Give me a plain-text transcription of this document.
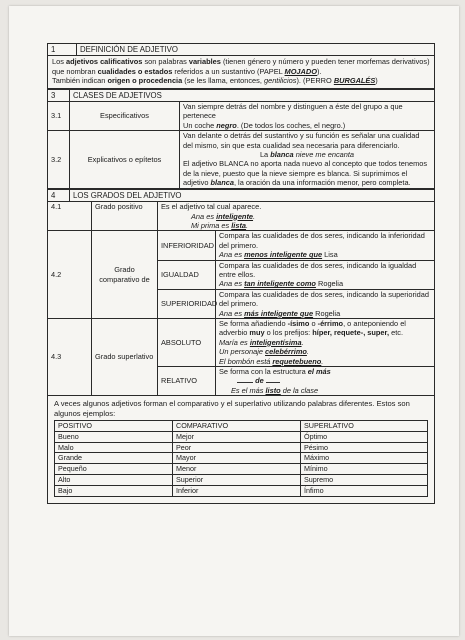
1	DEFINICIÓN DE ADJETIVO

Los adjetivos calificativos son palabras variables (tienen género y número y pueden tener morfemas derivativos) que nombran cualidades o estados referidos a un sustantivo (PAPEL MOJADO).
También indican origen o procedencia (se les llama, entonces, gentilicios). (PERRO BURGALÉS)
3	CLASES DE ADJETIVOS	
3.1	Especificativos	Van siempre detrás del nombre y distinguen a éste del grupo a que pertenece
Un coche negro. (De todos los coches, el negro.)

3.2	Explicativos o epítetos	Van delante o detrás del sustantivo y su función es señalar una cualidad del mismo, sin que esta cualidad sea necesaria para diferenciarlo.
La blanca nieve me encanta
El adjetivo BLANCA no aporta nada nuevo al concepto que todos tenemos de la nieve, puesto que la nieve siempre es blanca. Si suprimimos el adjetivo blanca, la oración da una información menor, pero completa.
4	LOS GRADOS DEL ADJETIVO			
4.1		Grado positivo	Es el adjetivo tal cual aparece.
Ana es inteligente.
Mi prima es lista.	

4.2		Grado comparativo de	INFERIORIDAD	Compara las cualidades de dos seres, indicando la inferioridad del primero.
Ana es menos inteligente que Lisa

			IGUALDAD	Compara las cualidades de dos seres, indicando la igualdad entre ellos.
Ana es tan inteligente como Rogelia

			SUPERIORIDAD	Compara las cualidades de dos seres, indicando la superioridad del primero.
Ana es más inteligente que Rogelia

4.3		Grado superlativo	ABSOLUTO	Se forma añadiendo -ísimo o -érrimo, o anteponiendo el adverbio muy o los prefijos: híper, requete-, super, etc.
María es inteligentísima.
Un personaje celebérrimo.
El bombón está requetebueno.

			RELATIVO	Se forma con la estructura el más
de
Es el más listo de la clase
A veces algunos adjetivos forman el comparativo y el superlativo utilizando palabras diferentes. Estos son algunos ejemplos:
POSITIVO	COMPARATIVO	SUPERLATIVO
Bueno	Mejor	Óptimo
Malo	Peor	Pésimo
Grande	Mayor	Máximo
Pequeño	Menor	Mínimo
Alto	Superior	Supremo
Bajo	Inferior	Ínfimo
